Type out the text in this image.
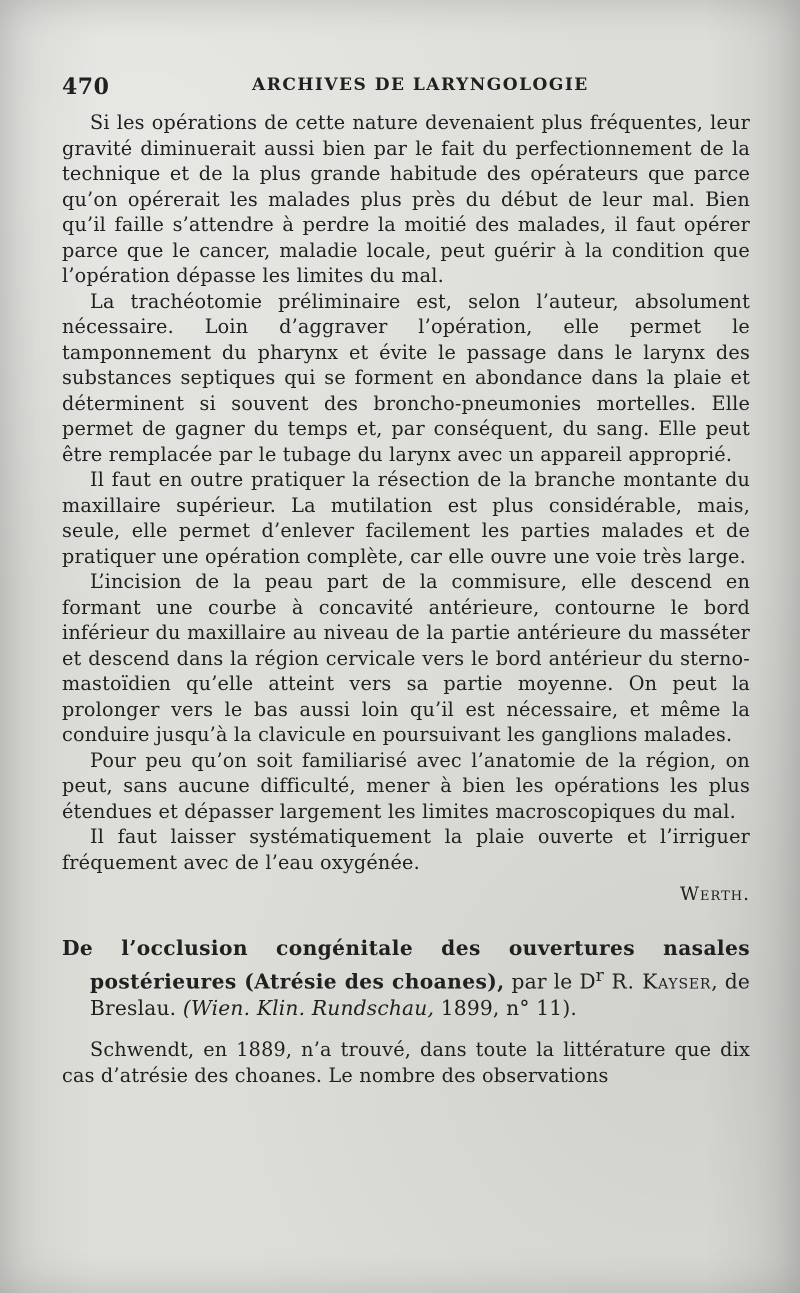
470	ARCHIVES DE LARYNGOLOGIE

Si les opérations de cette nature devenaient plus fréquentes, leur gravité diminuerait aussi bien par le fait du perfectionnement de la technique et de la plus grande habitude des opérateurs que parce qu’on opérerait les malades plus près du début de leur mal. Bien qu’il faille s’attendre à perdre la moitié des malades, il faut opérer parce que le cancer, maladie locale, peut guérir à la condition que l’opération dépasse les limites du mal.

La trachéotomie préliminaire est, selon l’auteur, absolument nécessaire. Loin d’aggraver l’opération, elle permet le tamponnement du pharynx et évite le passage dans le larynx des substances septiques qui se forment en abondance dans la plaie et déterminent si souvent des broncho-pneumonies mortelles. Elle permet de gagner du temps et, par conséquent, du sang. Elle peut être remplacée par le tubage du larynx avec un appareil approprié.

Il faut en outre pratiquer la résection de la branche montante du maxillaire supérieur. La mutilation est plus considérable, mais, seule, elle permet d’enlever facilement les parties malades et de pratiquer une opération complète, car elle ouvre une voie très large.

L’incision de la peau part de la commisure, elle descend en formant une courbe à concavité antérieure, contourne le bord inférieur du maxillaire au niveau de la partie antérieure du masséter et descend dans la région cervicale vers le bord antérieur du sterno-mastoïdien qu’elle atteint vers sa partie moyenne. On peut la prolonger vers le bas aussi loin qu’il est nécessaire, et même la conduire jusqu’à la clavicule en poursuivant les ganglions malades.

Pour peu qu’on soit familiarisé avec l’anatomie de la région, on peut, sans aucune difficulté, mener à bien les opérations les plus étendues et dépasser largement les limites macroscopiques du mal.

Il faut laisser systématiquement la plaie ouverte et l’irriguer fréquement avec de l’eau oxygénée.

Werth.

De l’occlusion congénitale des ouvertures nasales postérieures (Atrésie des choanes), par le $D^r$ R. Kayser, de Breslau. (Wien. Klin. Rundschau, 1899, n° 11).

Schwendt, en 1889, n’a trouvé, dans toute la littérature que dix cas d’atrésie des choanes. Le nombre des observations
